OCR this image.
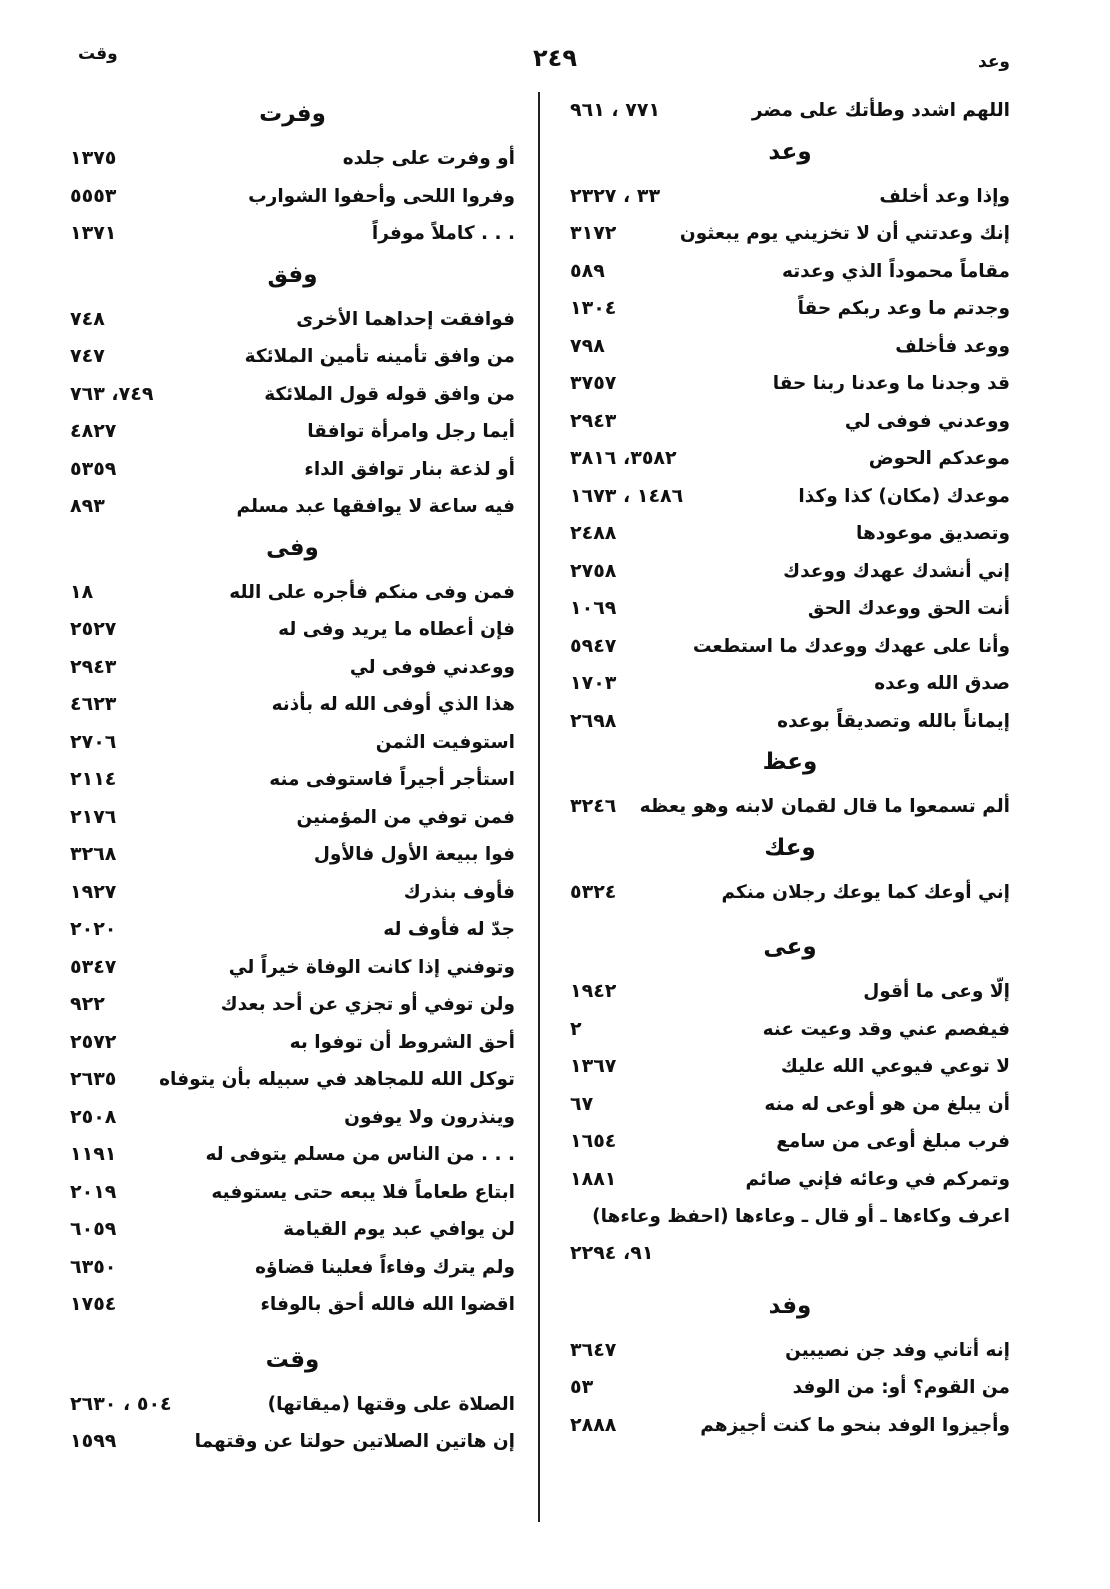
وعد
٢٤٩
وقت
اللهم اشدد وطأتك على مضر
٧٧١ ، ٩٦١
وعد
وإذا وعد أخلف
٣٣ ، ٢٣٢٧
إنك وعدتني أن لا تخزيني يوم يبعثون
٣١٧٢
مقاماً محموداً الذي وعدته
٥٨٩
وجدتم ما وعد ربكم حقاً
١٣٠٤
ووعد فأخلف
٧٩٨
قد وجدنا ما وعدنا ربنا حقا
٣٧٥٧
ووعدني فوفى لي
٢٩٤٣
موعدكم الحوض
٣٥٨٢، ٣٨١٦
موعدك (مكان) كذا وكذا
١٤٨٦ ، ١٦٧٣
وتصديق موعودها
٢٤٨٨
إني أنشدك عهدك ووعدك
٢٧٥٨
أنت الحق ووعدك الحق
١٠٦٩
وأنا على عهدك ووعدك ما استطعت
٥٩٤٧
صدق الله وعده
١٧٠٣
إيماناً بالله وتصديقاً بوعده
٢٦٩٨
وعظ
ألم تسمعوا ما قال لقمان لابنه وهو يعظه
٣٢٤٦
وعك
إني أوعك كما يوعك رجلان منكم
٥٣٢٤
وعى
إلّا وعى ما أقول
١٩٤٢
فيفصم عني وقد وعيت عنه
٢
لا توعي فيوعي الله عليك
١٣٦٧
أن يبلغ من هو أوعى له منه
٦٧
فرب مبلغ أوعى من سامع
١٦٥٤
وتمركم في وعائه فإني صائم
١٨٨١
اعرف وكاءها ـ أو قال ـ وعاءها (احفظ وعاءها)
٩١، ٢٢٩٤
وفد
إنه أتاني وفد جن نصيبين
٣٦٤٧
من القوم؟ أو: من الوفد
٥٣
وأجيزوا الوفد بنحو ما كنت أجيزهم
٢٨٨٨
وفرت
أو وفرت على جلده
١٣٧٥
وفروا اللحى وأحفوا الشوارب
٥٥٥٣
. . . كاملاً موفراً
١٣٧١
وفق
فوافقت إحداهما الأخرى
٧٤٨
من وافق تأمينه تأمين الملائكة
٧٤٧
من وافق قوله قول الملائكة
٧٤٩، ٧٦٣
أيما رجل وامرأة توافقا
٤٨٢٧
أو لذعة بنار توافق الداء
٥٣٥٩
فيه ساعة لا يوافقها عبد مسلم
٨٩٣
وفى
فمن وفى منكم فأجره على الله
١٨
فإن أعطاه ما يريد وفى له
٢٥٢٧
ووعدني فوفى لي
٢٩٤٣
هذا الذي أوفى الله له بأذنه
٤٦٢٣
استوفيت الثمن
٢٧٠٦
استأجر أجيراً فاستوفى منه
٢١١٤
فمن توفي من المؤمنين
٢١٧٦
فوا ببيعة الأول فالأول
٣٢٦٨
فأوف بنذرك
١٩٢٧
جدّ له فأوف له
٢٠٢٠
وتوفني إذا كانت الوفاة خيراً لي
٥٣٤٧
ولن توفي أو تجزي عن أحد بعدك
٩٢٢
أحق الشروط أن توفوا به
٢٥٧٢
توكل الله للمجاهد في سبيله بأن يتوفاه
٢٦٣٥
وينذرون ولا يوفون
٢٥٠٨
. . . من الناس من مسلم يتوفى له
١١٩١
ابتاع طعاماً فلا يبعه حتى يستوفيه
٢٠١٩
لن يوافي عبد يوم القيامة
٦٠٥٩
ولم يترك وفاءاً فعلينا قضاؤه
٦٣٥٠
اقضوا الله فالله أحق بالوفاء
١٧٥٤
وقت
الصلاة على وقتها (ميقاتها)
٥٠٤ ، ٢٦٣٠
إن هاتين الصلاتين حولتا عن وقتهما
١٥٩٩
